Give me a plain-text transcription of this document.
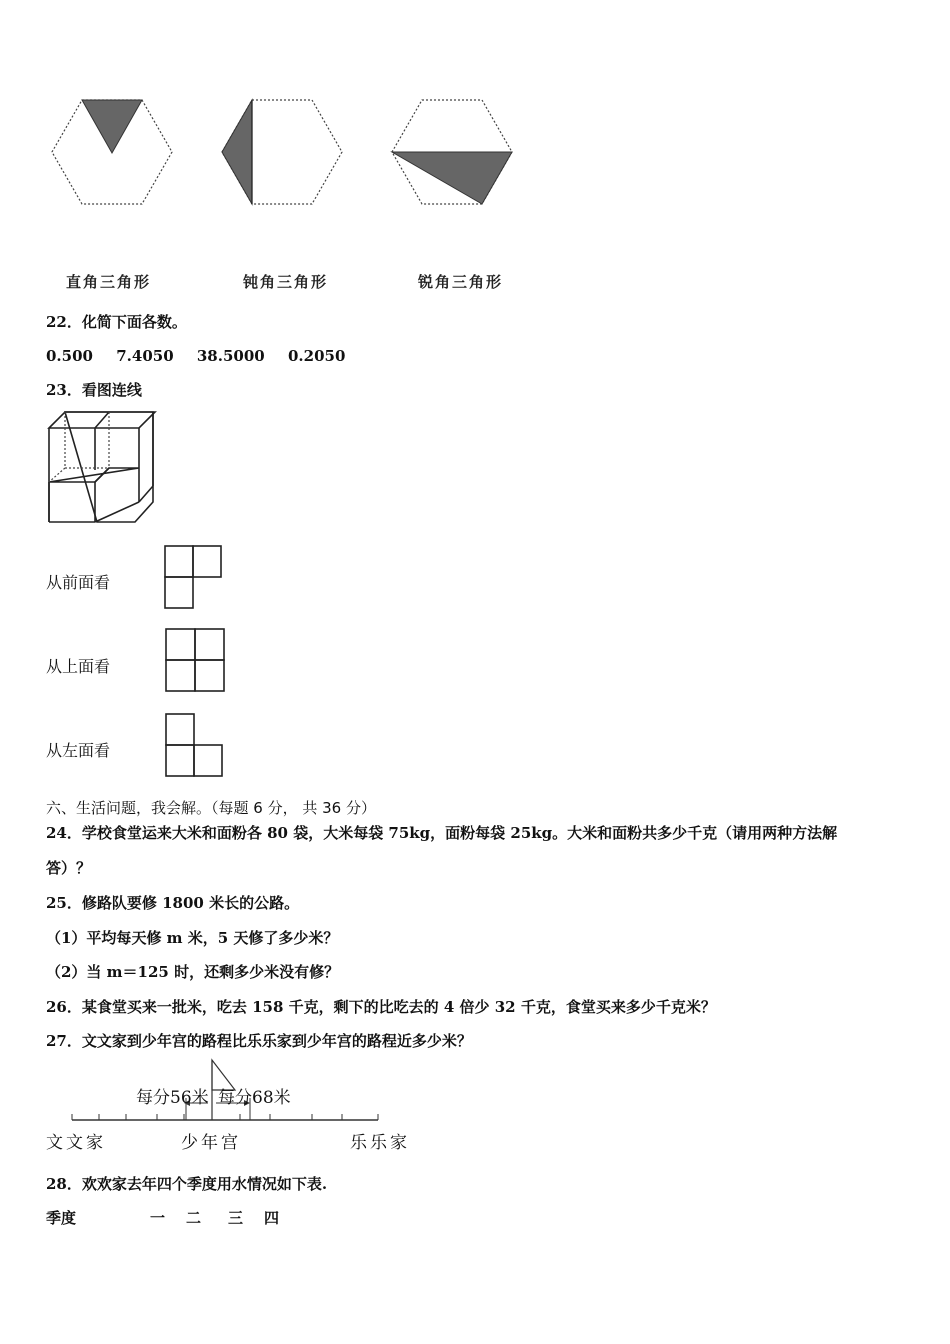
直角三角形	钝角三角形	锐角三角形
22．化简下面各数。
0.500 7.4050 38.5000 0.2050
23．看图连线
从前面看
从上面看
从左面看
六、生活问题，我会解。（每题 6 分， 共 36 分）
24．学校食堂运来大米和面粉各 80 袋，大米每袋 75kg，面粉每袋 25kg。大米和面粉共多少千克（请用两种方法解
答）？
25．修路队要修 1800 米长的公路。
（1）平均每天修 m 米，5 天修了多少米？
（2）当 m＝125 时，还剩多少米没有修？
26．某食堂买来一批米，吃去 158 千克，剩下的比吃去的 4 倍少 32 千克，食堂买来多少千克米？
27．文文家到少年宫的路程比乐乐家到少年宫的路程近多少米？
每分56米 每分68米
文文家	少年宫	乐乐家
28．欢欢家去年四个季度用水情况如下表.
季度	一 二 三 四
